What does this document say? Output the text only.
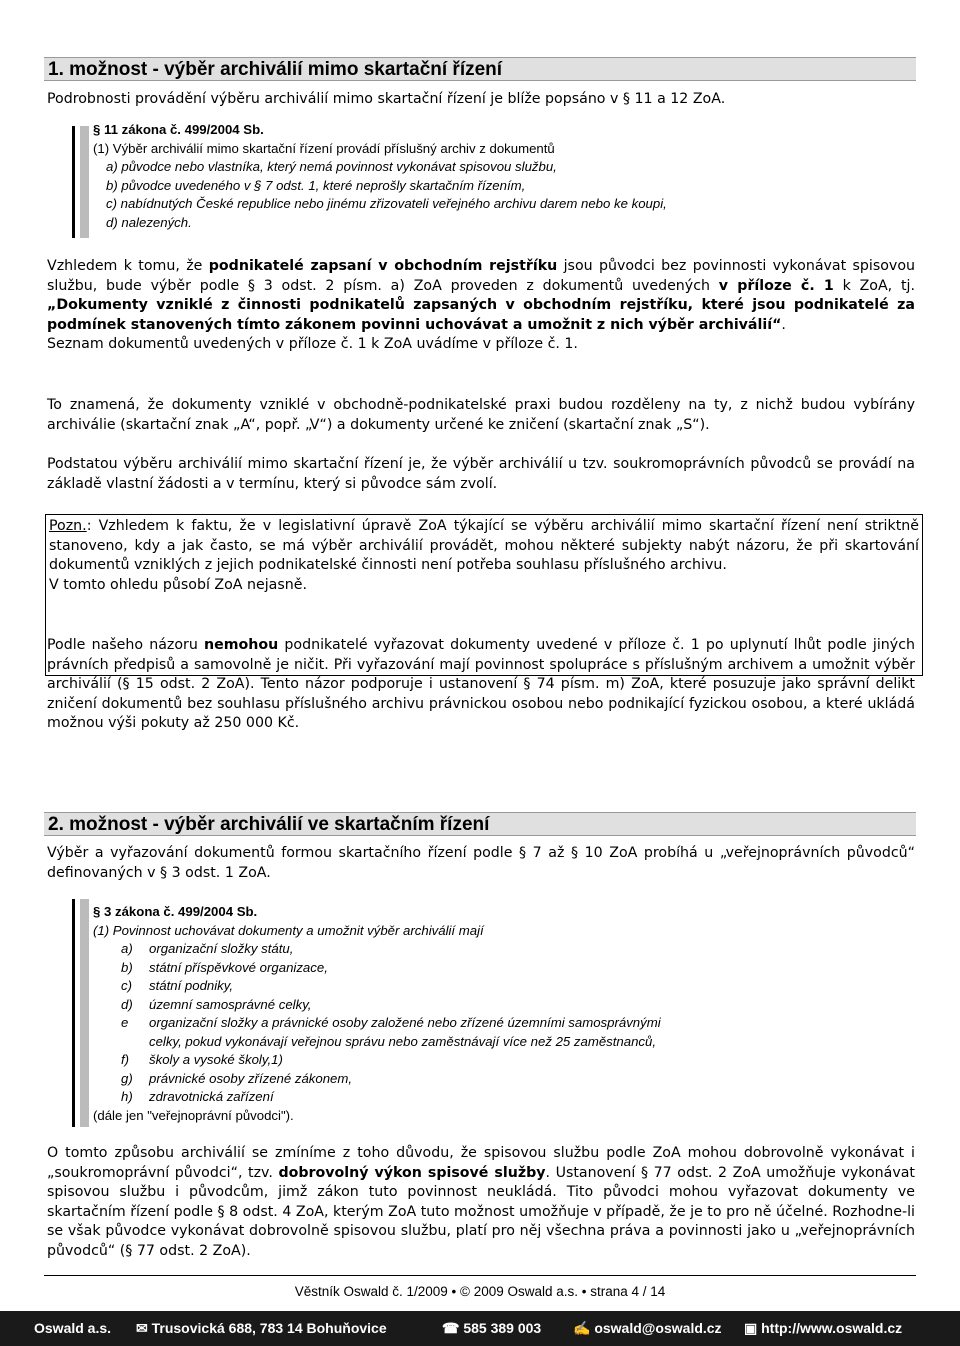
1. možnost - výběr archiválií mimo skartační řízení
Podrobnosti provádění výběru archiválií mimo skartační řízení je blíže popsáno v § 11 a 12 ZoA.
§ 11 zákona č. 499/2004 Sb.
(1) Výběr archiválií mimo skartační řízení provádí příslušný archiv z dokumentů
a) původce nebo vlastníka, který nemá povinnost vykonávat spisovou službu,
b) původce uvedeného v § 7 odst. 1, které neprošly skartačním řízením,
c) nabídnutých České republice nebo jinému zřizovateli veřejného archivu darem nebo ke koupi,
d) nalezených.
Vzhledem k tomu, že podnikatelé zapsaní v obchodním rejstříku jsou původci bez povinnosti vykonávat spisovou službu, bude výběr podle § 3 odst. 2 písm. a) ZoA proveden z dokumentů uvedených v příloze č. 1 k ZoA, tj. „Dokumenty vzniklé z činnosti podnikatelů zapsaných v obchodním rejstříku, které jsou podnikatelé za podmínek stanovených tímto zákonem povinni uchovávat a umožnit z nich výběr archiválií“.
Seznam dokumentů uvedených v příloze č. 1 k ZoA uvádíme v příloze č. 1.
To znamená, že dokumenty vzniklé v obchodně-podnikatelské praxi budou rozděleny na ty, z nichž budou vybírány archiválie (skartační znak „A“, popř. „V“) a dokumenty určené ke zničení (skartační znak „S“).
Podstatou výběru archiválií mimo skartační řízení je, že výběr archiválií u tzv. soukromoprávních původců se provádí na základě vlastní žádosti a v termínu, který si původce sám zvolí.
Pozn.: Vzhledem k faktu, že v legislativní úpravě ZoA týkající se výběru archiválií mimo skartační řízení není striktně stanoveno, kdy a jak často, se má výběr archiválií provádět, mohou některé subjekty nabýt názoru, že při skartování dokumentů vzniklých z jejich podnikatelské činnosti není potřeba souhlasu příslušného archivu.
V tomto ohledu působí ZoA nejasně.
Podle našeho názoru nemohou podnikatelé vyřazovat dokumenty uvedené v příloze č. 1 po uplynutí lhůt podle jiných právních předpisů a samovolně je ničit. Při vyřazování mají povinnost spolupráce s příslušným archivem a umožnit výběr archiválií (§ 15 odst. 2 ZoA). Tento názor podporuje i ustanovení § 74 písm. m) ZoA, které posuzuje jako správní delikt zničení dokumentů bez souhlasu příslušného archivu právnickou osobou nebo podnikající fyzickou osobou, a které ukládá možnou výši pokuty až 250 000 Kč.
2. možnost - výběr archiválií ve skartačním řízení
Výběr a vyřazování dokumentů formou skartačního řízení podle § 7 až § 10 ZoA probíhá u „veřejnoprávních původců“ definovaných v § 3 odst. 1 ZoA.
§ 3 zákona č. 499/2004 Sb.
(1) Povinnost uchovávat dokumenty a umožnit výběr archiválií mají
a) organizační složky státu,
b) státní příspěvkové organizace,
c) státní podniky,
d) územní samosprávné celky,
e organizační složky a právnické osoby založené nebo zřízené územními samosprávnými
celky, pokud vykonávají veřejnou správu nebo zaměstnávají více než 25 zaměstnanců,
f) školy a vysoké školy,1)
g) právnické osoby zřízené zákonem,
h) zdravotnická zařízení
(dále jen "veřejnoprávní původci").
O tomto způsobu archiválií se zmíníme z toho důvodu, že spisovou službu podle ZoA mohou dobrovolně vykonávat i „soukromoprávní původci“, tzv. dobrovolný výkon spisové služby. Ustanovení § 77 odst. 2 ZoA umožňuje vykonávat spisovou službu i původcům, jimž zákon tuto povinnost neukládá. Tito původci mohou vyřazovat dokumenty ve skartačním řízení podle § 8 odst. 4 ZoA, kterým ZoA tuto možnost umožňuje v případě, že je to pro ně účelné. Rozhodne-li se však původce vykonávat dobrovolně spisovou službu, platí pro něj všechna práva a povinnosti jako u „veřejnoprávních původců“ (§ 77 odst. 2 ZoA).
Věstník Oswald č. 1/2009 • © 2009 Oswald a.s. • strana 4 / 14
Oswald a.s. ✉ Trusovická 688, 783 14 Bohuňovice	☎ 585 389 003 ✍ oswald@oswald.cz ▣ http://www.oswald.cz
